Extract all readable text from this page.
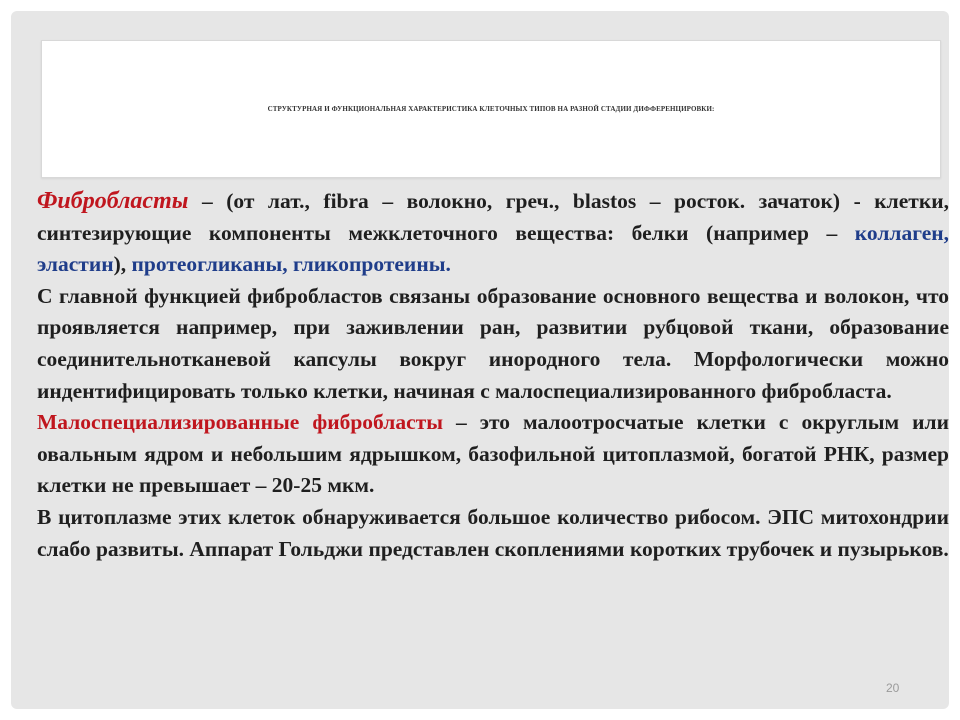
СТРУКТУРНАЯ И ФУНКЦИОНАЛЬНАЯ ХАРАКТЕРИСТИКА КЛЕТОЧНЫХ ТИПОВ НА РАЗНОЙ СТАДИИ ДИФФЕРЕНЦИРОВКИ:

Фибробласты – (от лат., fibra – волокно, греч., blastos – росток. зачаток) - клетки, синтезирующие компоненты межклеточного вещества: белки (например – коллаген, эластин), протеогликаны, гликопротеины.

С главной функцией фибробластов связаны образование основного вещества и волокон, что проявляется например, при заживлении ран, развитии рубцовой ткани, образование соединительнотканевой капсулы вокруг инородного тела. Морфологически можно индентифицировать только клетки, начиная с малоспециализированного фибробласта.

Малоспециализированные фибробласты – это малоотросчатые клетки с округлым или овальным ядром и небольшим ядрышком, базофильной цитоплазмой, богатой РНК, размер клетки не превышает – 20-25 мкм.

В цитоплазме этих клеток обнаруживается большое количество рибосом. ЭПС митохондрии слабо развиты. Аппарат Гольджи представлен скоплениями коротких трубочек и пузырьков.

20
